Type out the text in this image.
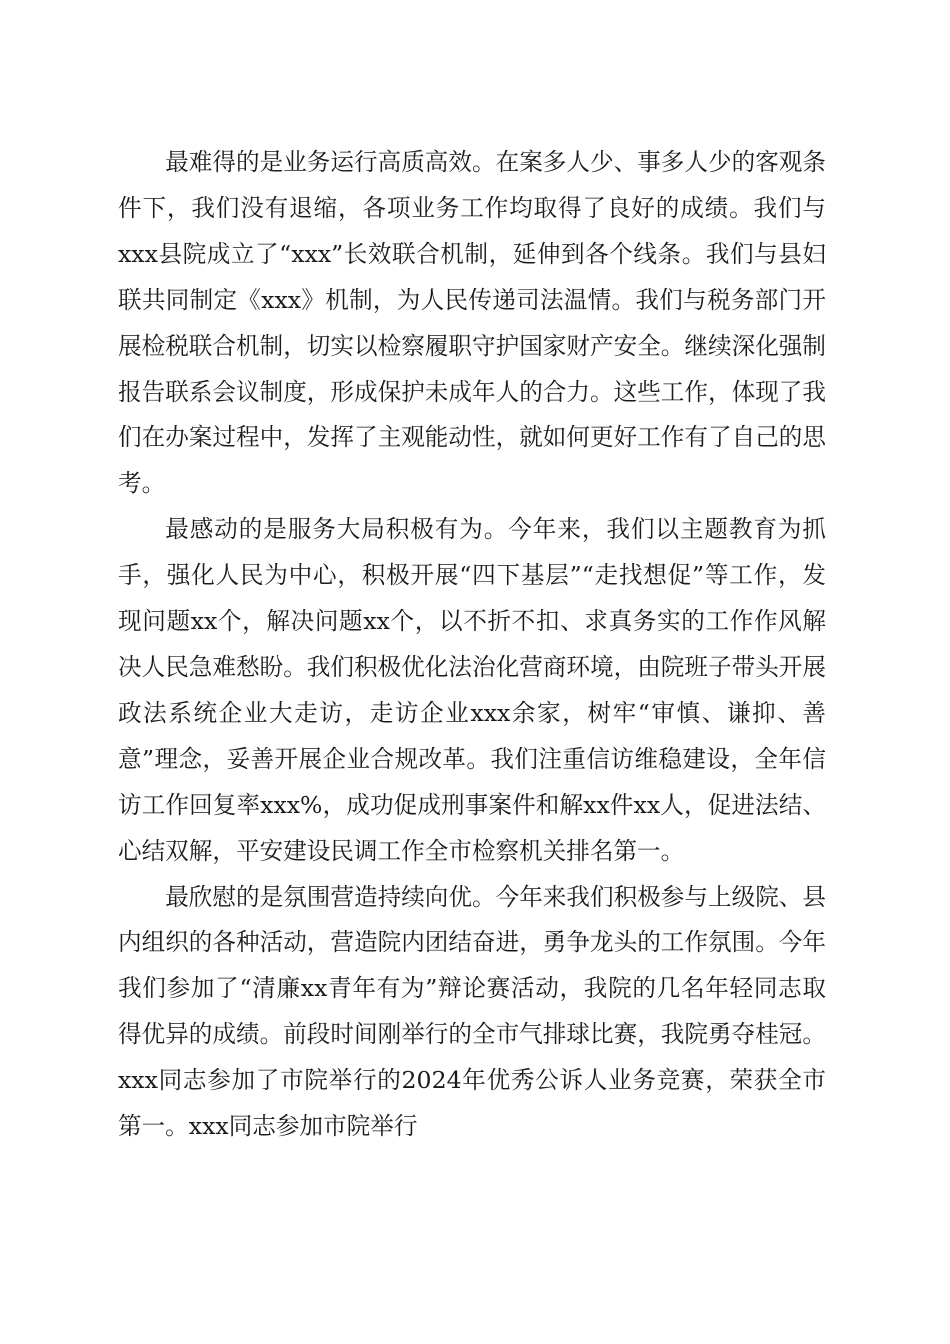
最难得的是业务运行高质高效。在案多人少、事多人少的客观条件下，我们没有退缩，各项业务工作均取得了良好的成绩。我们与xxx县院成立了“xxx”长效联合机制，延伸到各个线条。我们与县妇联共同制定《xxx》机制，为人民传递司法温情。我们与税务部门开展检税联合机制，切实以检察履职守护国家财产安全。继续深化强制报告联系会议制度，形成保护未成年人的合力。这些工作，体现了我们在办案过程中，发挥了主观能动性，就如何更好工作有了自己的思考。

最感动的是服务大局积极有为。今年来，我们以主题教育为抓手，强化人民为中心，积极开展“四下基层”“走找想促”等工作，发现问题xx个，解决问题xx个，以不折不扣、求真务实的工作作风解决人民急难愁盼。我们积极优化法治化营商环境，由院班子带头开展政法系统企业大走访，走访企业xxx余家，树牢“审慎、谦抑、善意”理念，妥善开展企业合规改革。我们注重信访维稳建设，全年信访工作回复率xxx%，成功促成刑事案件和解xx件xx人，促进法结、心结双解，平安建设民调工作全市检察机关排名第一。

最欣慰的是氛围营造持续向优。今年来我们积极参与上级院、县内组织的各种活动，营造院内团结奋进，勇争龙头的工作氛围。今年我们参加了“清廉xx青年有为”辩论赛活动，我院的几名年轻同志取得优异的成绩。前段时间刚举行的全市气排球比赛，我院勇夺桂冠。xxx同志参加了市院举行的2024年优秀公诉人业务竞赛，荣获全市第一。xxx同志参加市院举行
